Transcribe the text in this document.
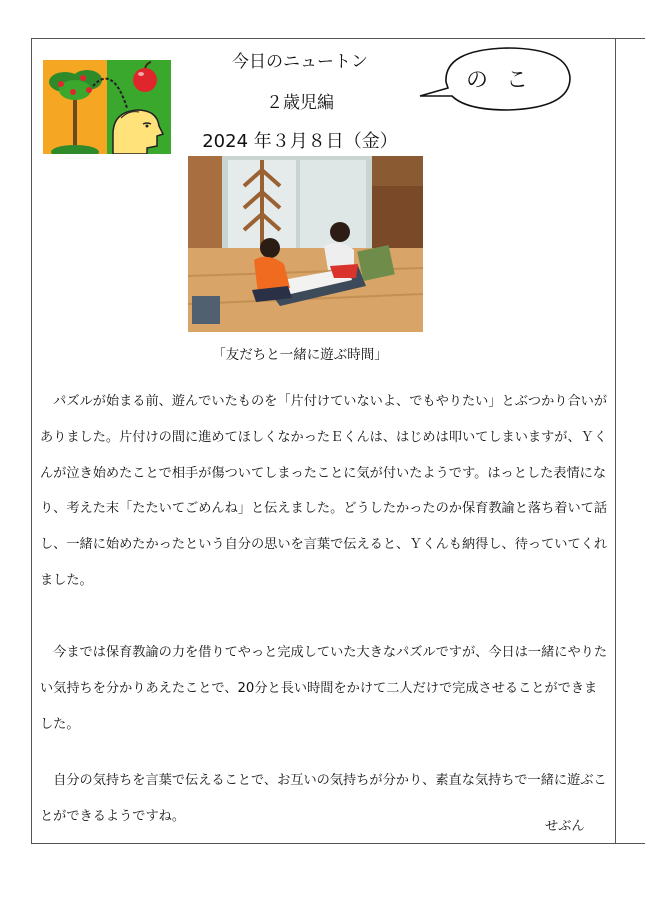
今日のニュートン
２歳児編
2024 年３月８日（金）
の こ
「友だちと一緒に遊ぶ時間」

　パズルが始まる前、遊んでいたものを「片付けていないよ、でもやりたい」とぶつかり合いがありました。片付けの間に進めてほしくなかったＥくんは、はじめは叩いてしまいますが、Ｙくんが泣き始めたことで相手が傷ついてしまったことに気が付いたようです。はっとした表情になり、考えた末「たたいてごめんね」と伝えました。どうしたかったのか保育教諭と落ち着いて話し、一緒に始めたかったという自分の思いを言葉で伝えると、Ｙくんも納得し、待っていてくれました。

　今までは保育教諭の力を借りてやっと完成していた大きなパズルですが、今日は一緒にやりたい気持ちを分かりあえたことで、20分と長い時間をかけて二人だけで完成させることができました。

　自分の気持ちを言葉で伝えることで、お互いの気持ちが分かり、素直な気持ちで一緒に遊ぶことができるようですね。

せぶん
